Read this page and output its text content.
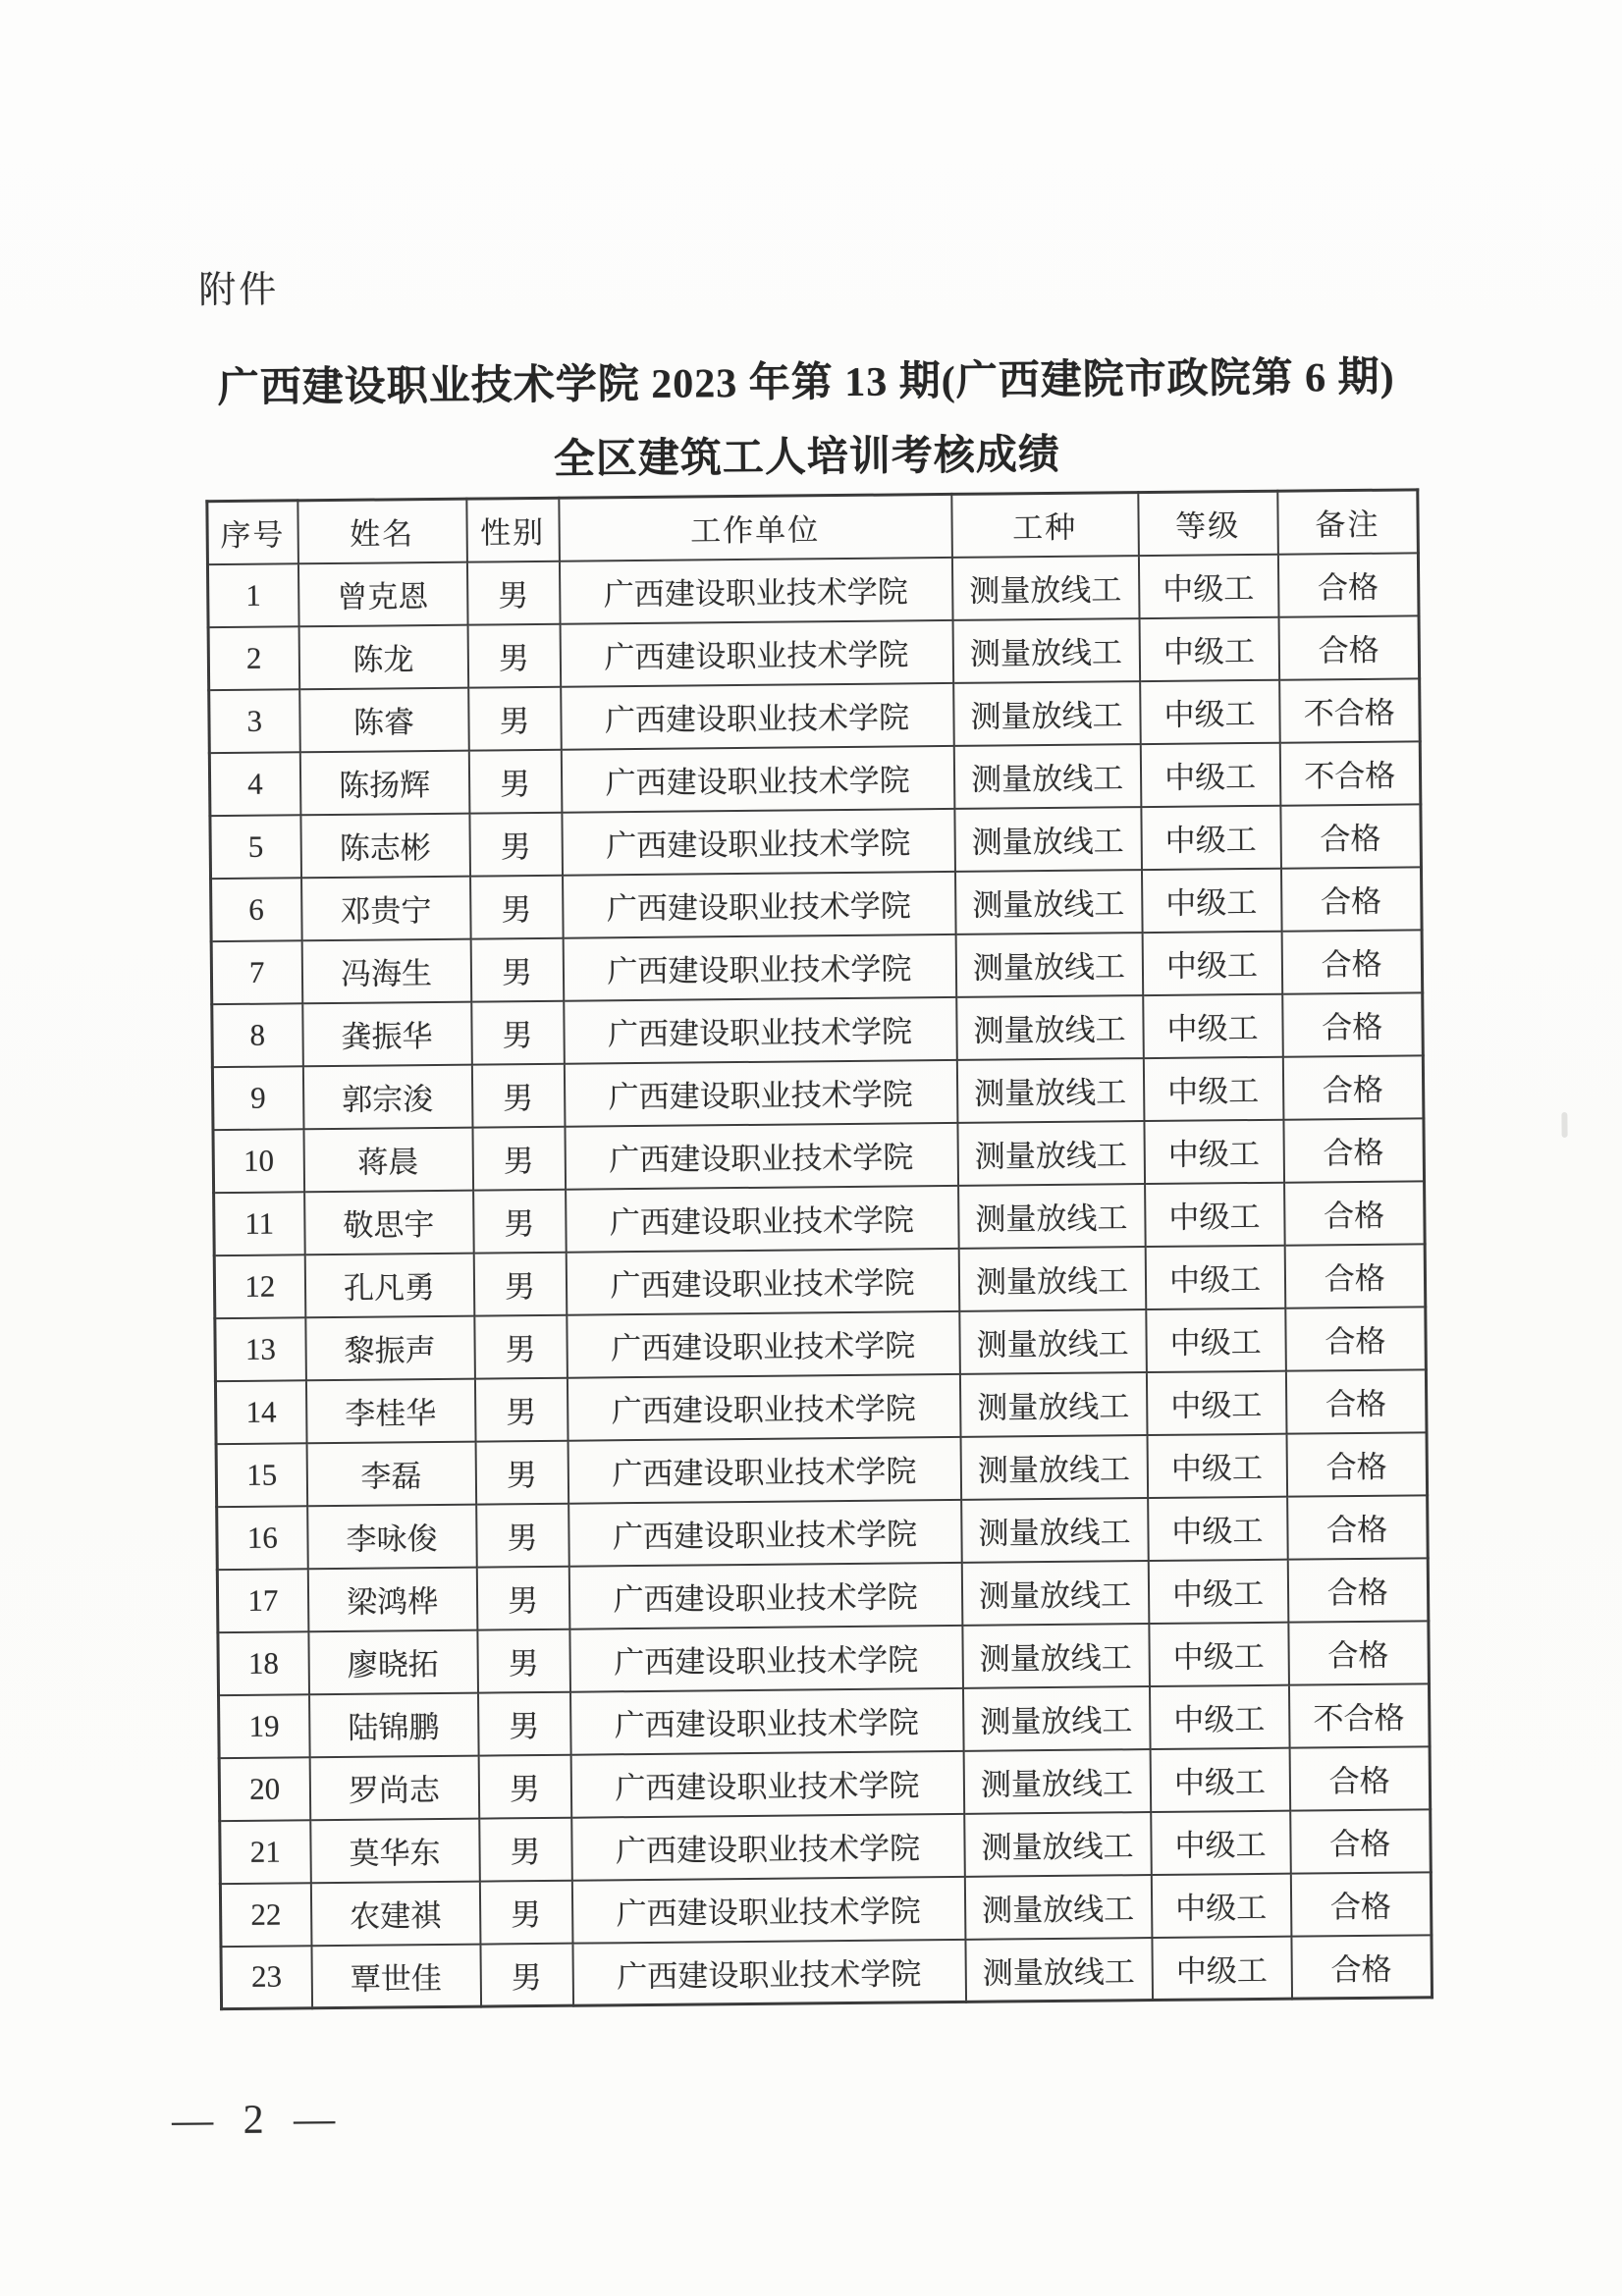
附件
广西建设职业技术学院 2023 年第 13 期(广西建院市政院第 6 期)
全区建筑工人培训考核成绩
序号	姓名	性别	工作单位	工种	等级	备注
1	曾克恩	男	广西建设职业技术学院	测量放线工	中级工	合格
2	陈龙	男	广西建设职业技术学院	测量放线工	中级工	合格
3	陈睿	男	广西建设职业技术学院	测量放线工	中级工	不合格
4	陈扬辉	男	广西建设职业技术学院	测量放线工	中级工	不合格
5	陈志彬	男	广西建设职业技术学院	测量放线工	中级工	合格
6	邓贵宁	男	广西建设职业技术学院	测量放线工	中级工	合格
7	冯海生	男	广西建设职业技术学院	测量放线工	中级工	合格
8	龚振华	男	广西建设职业技术学院	测量放线工	中级工	合格
9	郭宗浚	男	广西建设职业技术学院	测量放线工	中级工	合格
10	蒋晨	男	广西建设职业技术学院	测量放线工	中级工	合格
11	敬思宇	男	广西建设职业技术学院	测量放线工	中级工	合格
12	孔凡勇	男	广西建设职业技术学院	测量放线工	中级工	合格
13	黎振声	男	广西建设职业技术学院	测量放线工	中级工	合格
14	李桂华	男	广西建设职业技术学院	测量放线工	中级工	合格
15	李磊	男	广西建设职业技术学院	测量放线工	中级工	合格
16	李咏俊	男	广西建设职业技术学院	测量放线工	中级工	合格
17	梁鸿桦	男	广西建设职业技术学院	测量放线工	中级工	合格
18	廖晓拓	男	广西建设职业技术学院	测量放线工	中级工	合格
19	陆锦鹏	男	广西建设职业技术学院	测量放线工	中级工	不合格
20	罗尚志	男	广西建设职业技术学院	测量放线工	中级工	合格
21	莫华东	男	广西建设职业技术学院	测量放线工	中级工	合格
22	农建祺	男	广西建设职业技术学院	测量放线工	中级工	合格
23	覃世佳	男	广西建设职业技术学院	测量放线工	中级工	合格
— 2 —
